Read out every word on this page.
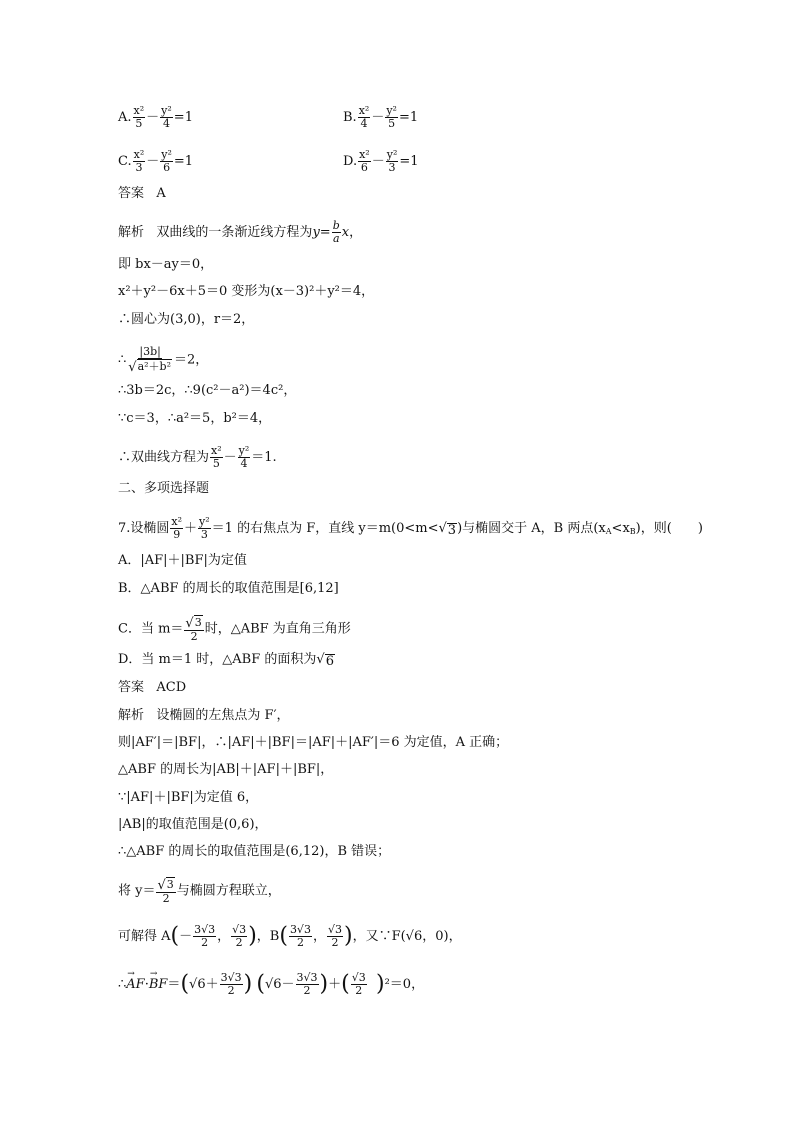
A. $\frac{\text{x²}}{5} - \frac{\text{y²}}{4} =1$	B. $\frac{\text{x²}}{4} - \frac{\text{y²}}{5} =1$
C. $\frac{\text{x²}}{3} - \frac{\text{y²}}{6} =1$	D. $\frac{\text{x²}}{6} - \frac{\text{y²}}{3} =1$
答案 A
解析 双曲线的一条渐近线方程为$y= \frac{b}{a}$ x，
即 bx－ay＝0，
x²＋y²－6x＋5＝0 变形为(x－3)²＋y²＝4，
∴圆心为(3,0)，r＝2，
∴ $\frac{|3b|}{\text{√ a²＋b²}} =2$，
∴3b＝2c，∴9(c²－a²)＝4c²，
∵c＝3，∴a²＝5，b²＝4，
∴双曲线方程为 $\frac{\text{x²}}{5} - \frac{\text{y²}}{4} =1$.
二、多项选择题
7.设椭圆 $\frac{\text{x²}}{9} + \frac{\text{y²}}{3} =1$ 的右焦点为 F，直线 y＝m(0<m< √ 3 )与椭圆交于 A，B 两点$(x_A<x_B)$，则(　　)
A．|AF|＋|BF|为定值
B．△ABF 的周长的取值范围是[6,12]
C．当 $m= \frac{√ 3}{2}$ 时，△ABF 为直角三角形
D．当 m＝1 时，△ABF 的面积为 √ 6
答案 ACD
解析 设椭圆的左焦点为 F′，
则|AF′|＝|BF|，∴|AF|＋|BF|＝|AF|＋|AF′|＝6 为定值，A 正确；
△ABF 的周长为|AB|＋|AF|＋|BF|，
∵|AF|＋|BF|为定值 6，
|AB|的取值范围是(0,6)，
∴△ABF 的周长的取值范围是(6,12)，B 错误；
将 $y= \frac{√ 3}{2}$ 与椭圆方程联立，
可解得 $A(- \frac{3√3}{2}$ ， $\frac{√3}{2}$ )，$B( \frac{3√3}{2}$ ， $\frac{√3}{2}$ )，又∵F(√6，0)，
∴→ $AF\cdot\to BF=(√6+ \frac{3√3}{2}$ ) ($√6- \frac{3√3}{2}$ )＋( $\frac{√3}{2} )^2=0$，
